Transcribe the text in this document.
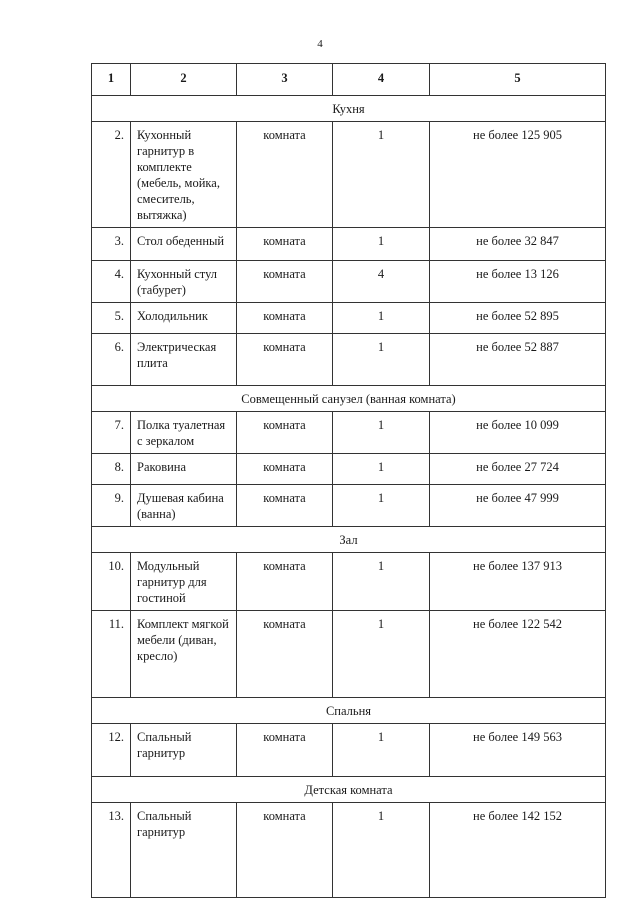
4
1	2	3	4	5
Кухня				
2.	Кухонный гарнитур в комплекте (мебель, мойка, смеситель, вытяжка)	комната	1	не более 125 905
3.	Стол обеденный	комната	1	не более 32 847
4.	Кухонный стул (табурет)	комната	4	не более 13 126
5.	Холодильник	комната	1	не более 52 895
6.	Электрическая плита	комната	1	не более 52 887
Совмещенный санузел (ванная комната)				
7.	Полка туалетная с зеркалом	комната	1	не более 10 099
8.	Раковина	комната	1	не более 27 724
9.	Душевая кабина (ванна)	комната	1	не более 47 999
Зал				
10.	Модульный гарнитур для гостиной	комната	1	не более 137 913
11.	Комплект мягкой мебели (диван, кресло)	комната	1	не более 122 542
Спальня				
12.	Спальный гарнитур	комната	1	не более 149 563
Детская комната				
13.	Спальный гарнитур	комната	1	не более 142 152
